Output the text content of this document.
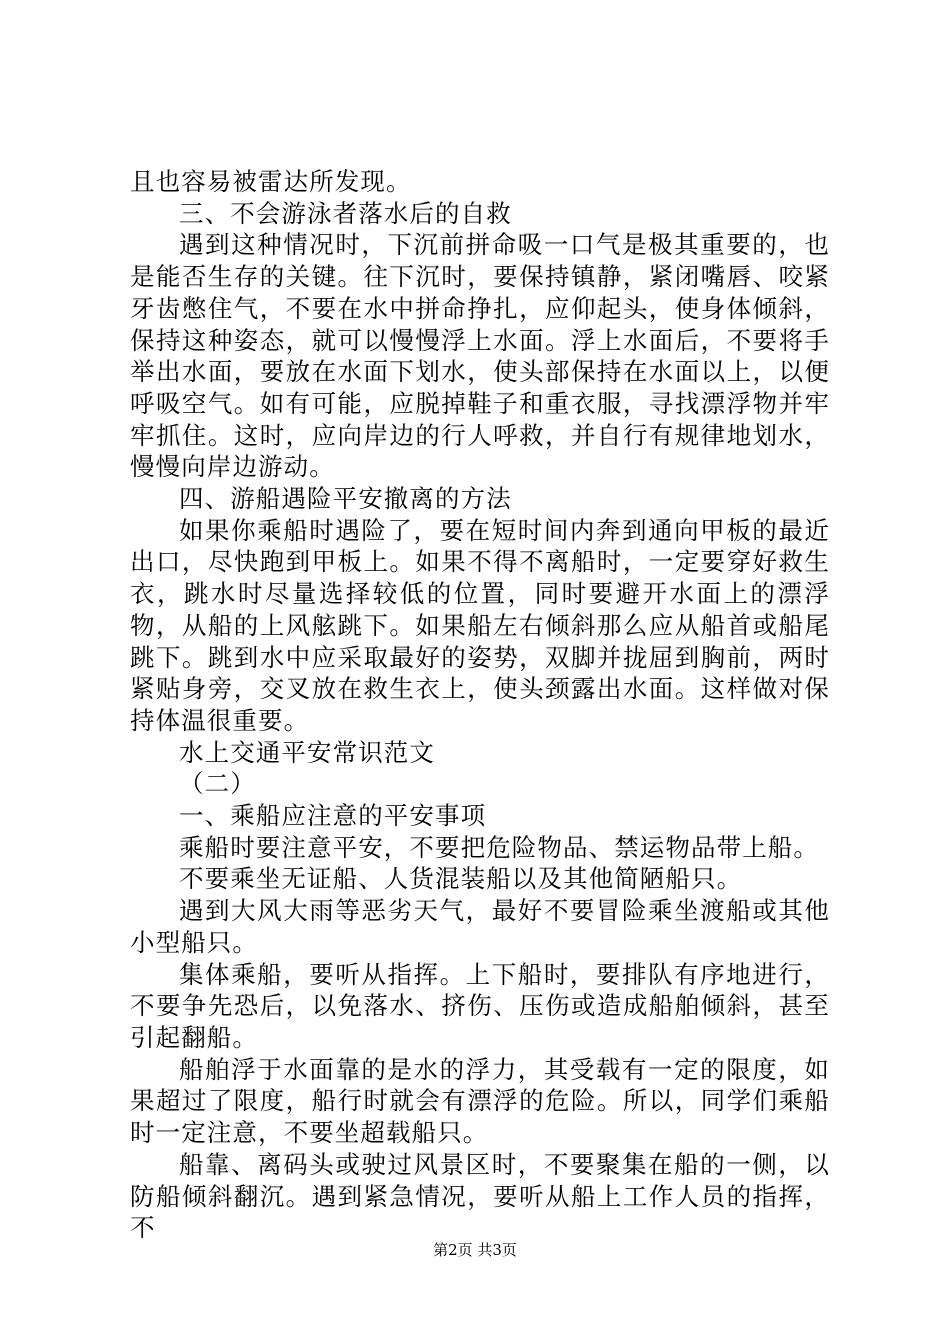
且也容易被雷达所发现。

三、不会游泳者落水后的自救

遇到这种情况时，下沉前拼命吸一口气是极其重要的，也是能否生存的关键。往下沉时，要保持镇静，紧闭嘴唇、咬紧牙齿憋住气，不要在水中拼命挣扎，应仰起头，使身体倾斜，保持这种姿态，就可以慢慢浮上水面。浮上水面后，不要将手举出水面，要放在水面下划水，使头部保持在水面以上，以便呼吸空气。如有可能，应脱掉鞋子和重衣服，寻找漂浮物并牢牢抓住。这时，应向岸边的行人呼救，并自行有规律地划水，慢慢向岸边游动。

四、游船遇险平安撤离的方法

如果你乘船时遇险了，要在短时间内奔到通向甲板的最近出口，尽快跑到甲板上。如果不得不离船时，一定要穿好救生衣，跳水时尽量选择较低的位置，同时要避开水面上的漂浮物，从船的上风舷跳下。如果船左右倾斜那么应从船首或船尾跳下。跳到水中应采取最好的姿势，双脚并拢屈到胸前，两时紧贴身旁，交叉放在救生衣上，使头颈露出水面。这样做对保持体温很重要。

水上交通平安常识范文

（二）

一、乘船应注意的平安事项

乘船时要注意平安，不要把危险物品、禁运物品带上船。

不要乘坐无证船、人货混装船以及其他简陋船只。

遇到大风大雨等恶劣天气，最好不要冒险乘坐渡船或其他小型船只。

集体乘船，要听从指挥。上下船时，要排队有序地进行，不要争先恐后，以免落水、挤伤、压伤或造成船舶倾斜，甚至引起翻船。

船舶浮于水面靠的是水的浮力，其受载有一定的限度，如果超过了限度，船行时就会有漂浮的危险。所以，同学们乘船时一定注意，不要坐超载船只。

船靠、离码头或驶过风景区时，不要聚集在船的一侧，以防船倾斜翻沉。遇到紧急情况，要听从船上工作人员的指挥，不

第2页 共3页
